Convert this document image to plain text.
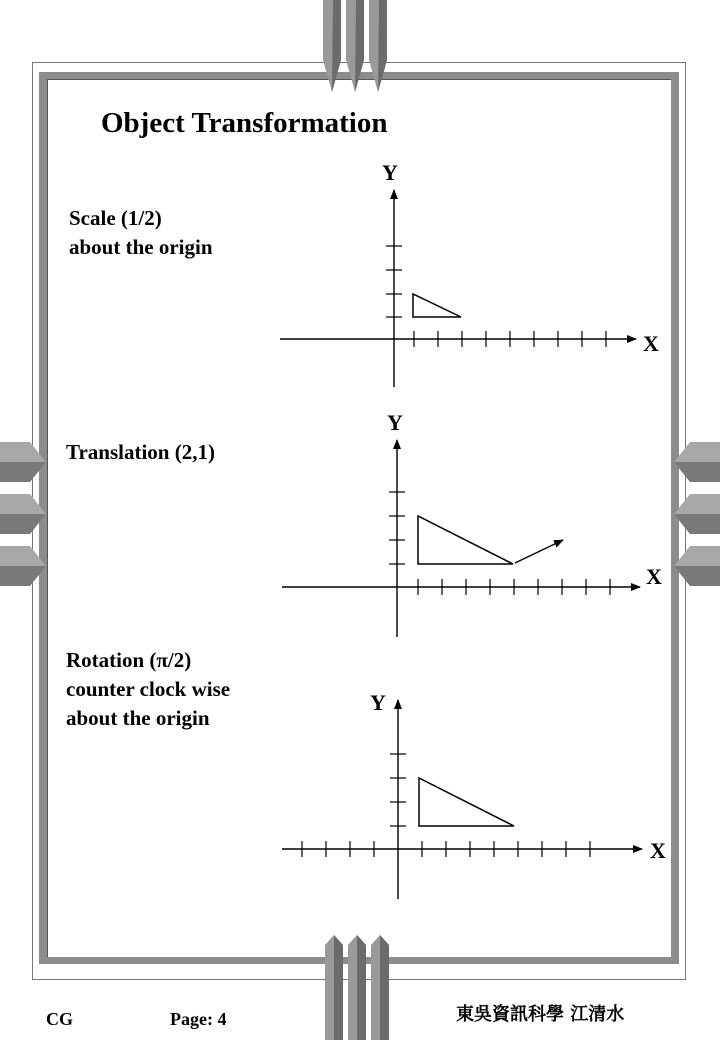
Object Transformation
Scale (1/2)
about the origin
Y
X
Translation (2,1)
Y
X
Rotation (π/2)
counter clock wise
about the origin
Y
X
CG	Page: 4	東吳資訊科學 江清水
